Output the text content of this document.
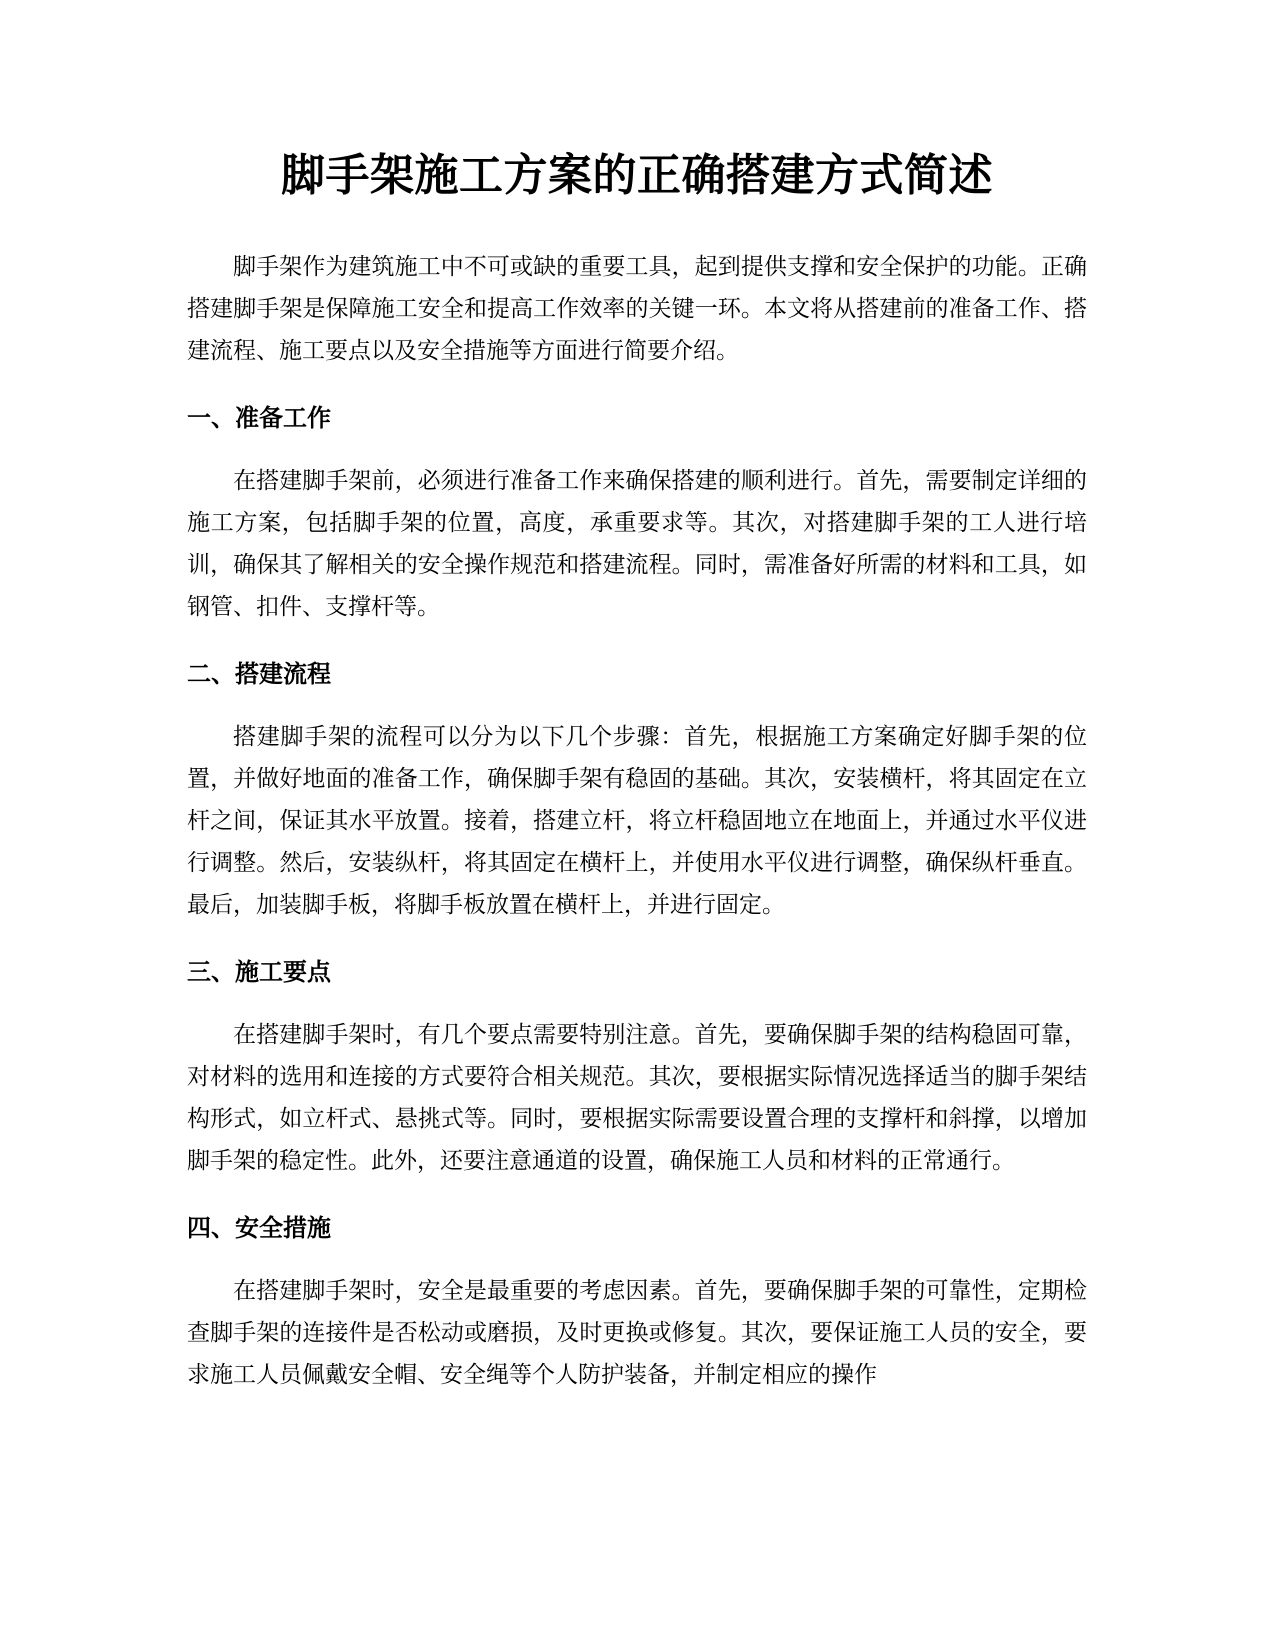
脚手架施工方案的正确搭建方式简述

脚手架作为建筑施工中不可或缺的重要工具，起到提供支撑和安全保护的功能。正确搭建脚手架是保障施工安全和提高工作效率的关键一环。本文将从搭建前的准备工作、搭建流程、施工要点以及安全措施等方面进行简要介绍。

一、准备工作

在搭建脚手架前，必须进行准备工作来确保搭建的顺利进行。首先，需要制定详细的施工方案，包括脚手架的位置，高度，承重要求等。其次，对搭建脚手架的工人进行培训，确保其了解相关的安全操作规范和搭建流程。同时，需准备好所需的材料和工具，如钢管、扣件、支撑杆等。

二、搭建流程

搭建脚手架的流程可以分为以下几个步骤：首先，根据施工方案确定好脚手架的位置，并做好地面的准备工作，确保脚手架有稳固的基础。其次，安装横杆，将其固定在立杆之间，保证其水平放置。接着，搭建立杆，将立杆稳固地立在地面上，并通过水平仪进行调整。然后，安装纵杆，将其固定在横杆上，并使用水平仪进行调整，确保纵杆垂直。最后，加装脚手板，将脚手板放置在横杆上，并进行固定。

三、施工要点

在搭建脚手架时，有几个要点需要特别注意。首先，要确保脚手架的结构稳固可靠，对材料的选用和连接的方式要符合相关规范。其次，要根据实际情况选择适当的脚手架结构形式，如立杆式、悬挑式等。同时，要根据实际需要设置合理的支撑杆和斜撑，以增加脚手架的稳定性。此外，还要注意通道的设置，确保施工人员和材料的正常通行。

四、安全措施

在搭建脚手架时，安全是最重要的考虑因素。首先，要确保脚手架的可靠性，定期检查脚手架的连接件是否松动或磨损，及时更换或修复。其次，要保证施工人员的安全，要求施工人员佩戴安全帽、安全绳等个人防护装备，并制定相应的操作
